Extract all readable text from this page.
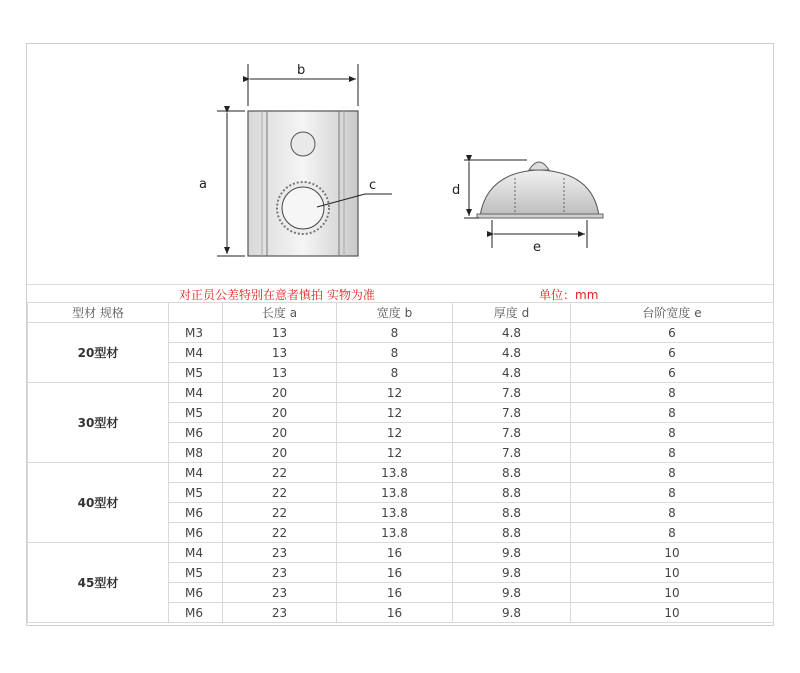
b
a	c	d
e
对正员公差特别在意者慎拍 实物为准	单位：mm
型材 规格		长度 a	宽度 b	厚度 d	台阶宽度 e
20型材	M3	13	8	4.8	6
	M4	13	8	4.8	6
	M5	13	8	4.8	6
30型材	M4	20	12	7.8	8
	M5	20	12	7.8	8
	M6	20	12	7.8	8
	M8	20	12	7.8	8
40型材	M4	22	13.8	8.8	8
	M5	22	13.8	8.8	8
	M6	22	13.8	8.8	8
	M6	22	13.8	8.8	8
45型材	M4	23	16	9.8	10
	M5	23	16	9.8	10
	M6	23	16	9.8	10
	M6	23	16	9.8	10
